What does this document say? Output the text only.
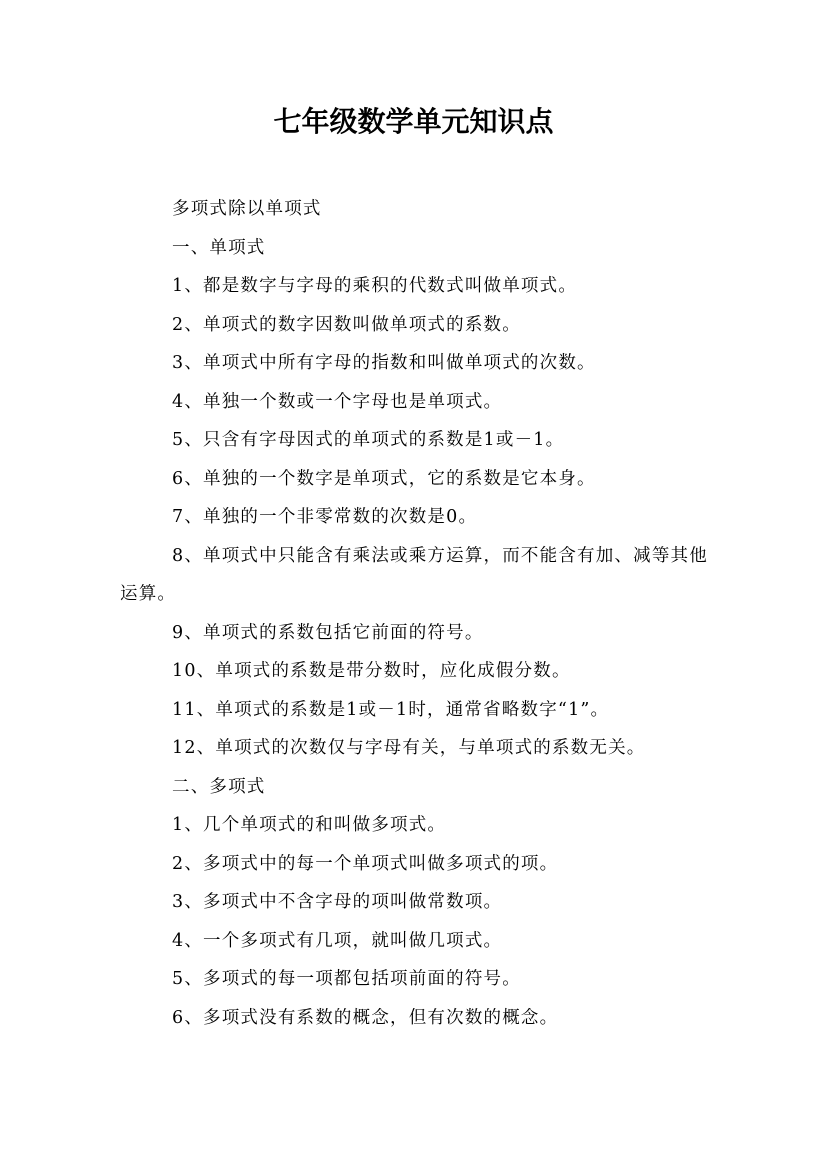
七年级数学单元知识点

多项式除以单项式

一、单项式

1、都是数字与字母的乘积的代数式叫做单项式。

2、单项式的数字因数叫做单项式的系数。

3、单项式中所有字母的指数和叫做单项式的次数。

4、单独一个数或一个字母也是单项式。

5、只含有字母因式的单项式的系数是1或－1。

6、单独的一个数字是单项式，它的系数是它本身。

7、单独的一个非零常数的次数是0。

8、单项式中只能含有乘法或乘方运算，而不能含有加、减等其他运算。

9、单项式的系数包括它前面的符号。

10、单项式的系数是带分数时，应化成假分数。

11、单项式的系数是1或－1时，通常省略数字“1”。

12、单项式的次数仅与字母有关，与单项式的系数无关。

二、多项式

1、几个单项式的和叫做多项式。

2、多项式中的每一个单项式叫做多项式的项。

3、多项式中不含字母的项叫做常数项。

4、一个多项式有几项，就叫做几项式。

5、多项式的每一项都包括项前面的符号。

6、多项式没有系数的概念，但有次数的概念。
